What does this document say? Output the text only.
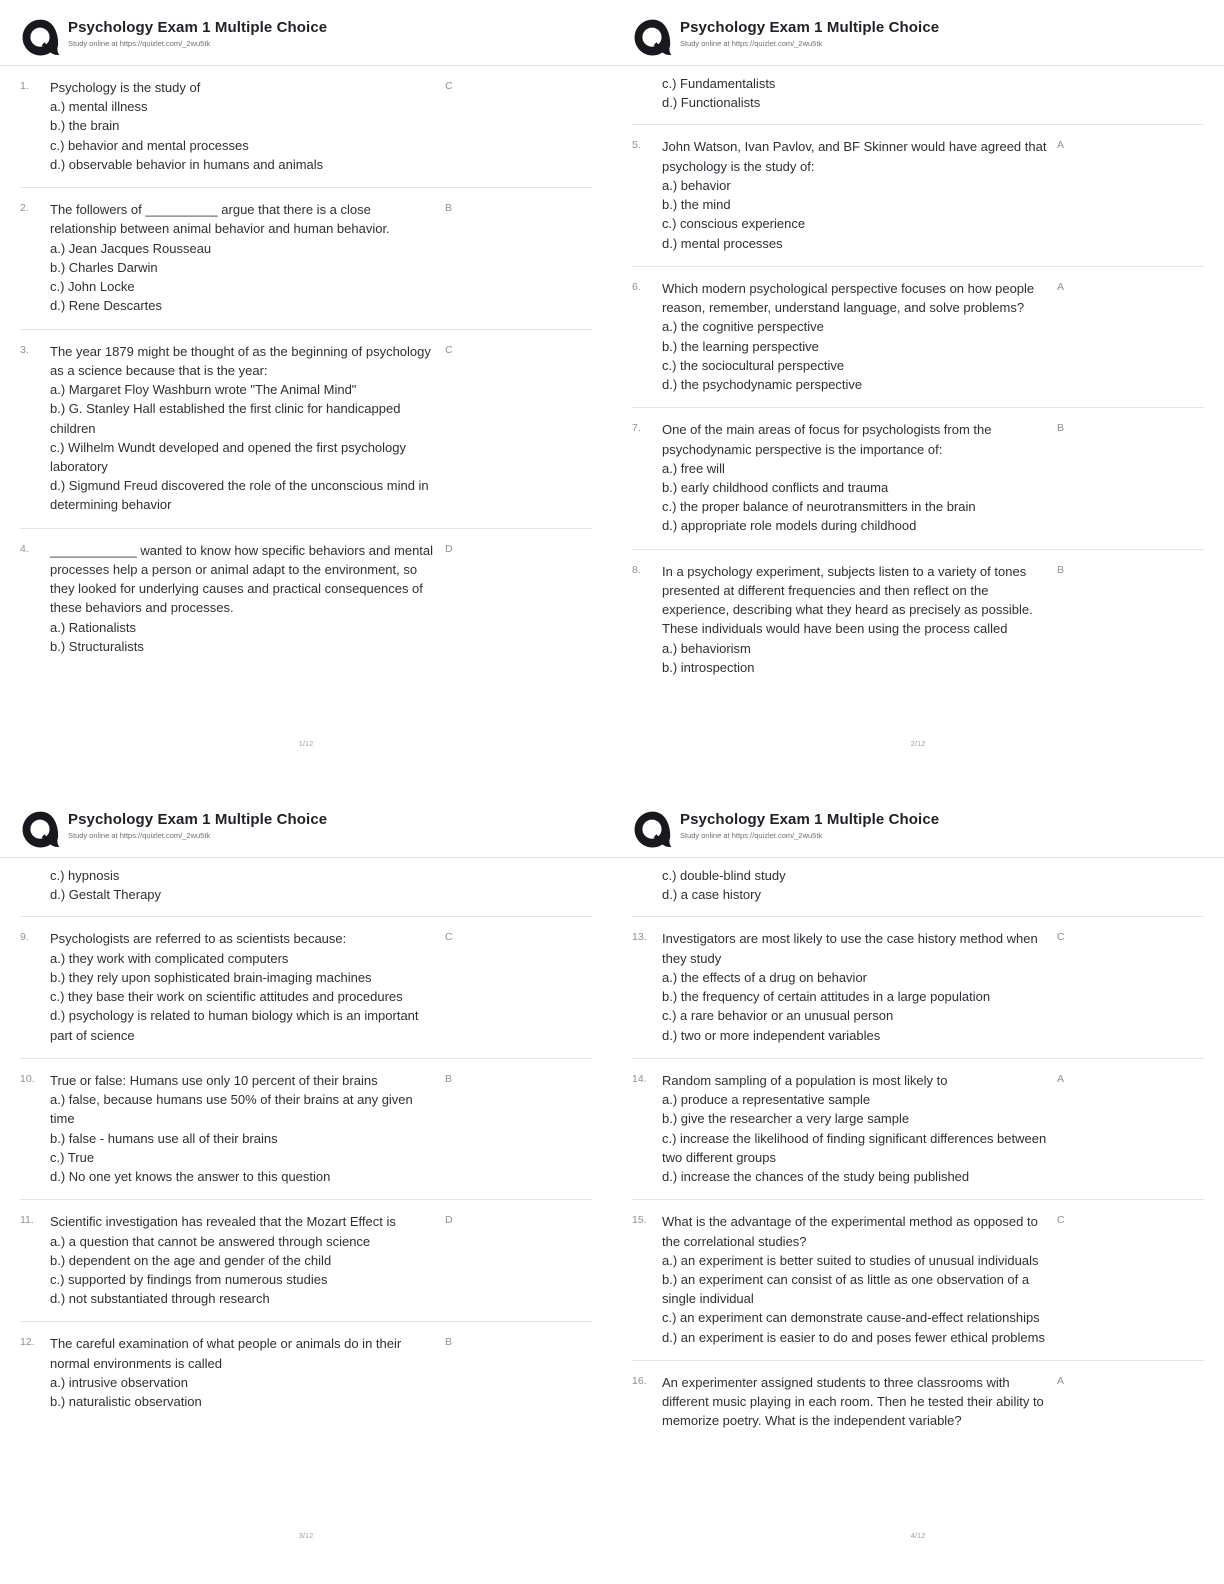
Psychology Exam 1 Multiple Choice
Study online at https://quizlet.com/_2wu5tk
1.	Psychology is the study of
a.) mental illness
b.) the brain
c.) behavior and mental processes
d.) observable behavior in humans and animals
C
2.	The followers of __________ argue that there is a close relationship between animal behavior and human behavior.
a.) Jean Jacques Rousseau
b.) Charles Darwin
c.) John Locke
d.) Rene Descartes
B
3.	The year 1879 might be thought of as the beginning of psychology as a science because that is the year:
a.) Margaret Floy Washburn wrote "The Animal Mind"
b.) G. Stanley Hall established the first clinic for handicapped children
c.) Wilhelm Wundt developed and opened the first psychology laboratory
d.) Sigmund Freud discovered the role of the unconscious mind in determining behavior
C
4.	____________ wanted to know how specific behaviors and mental processes help a person or animal adapt to the environment, so they looked for underlying causes and practical consequences of these behaviors and processes.
a.) Rationalists
b.) Structuralists
D
1/12
Psychology Exam 1 Multiple Choice
Study online at https://quizlet.com/_2wu5tk
c.) Fundamentalists
d.) Functionalists
5.	John Watson, Ivan Pavlov, and BF Skinner would have agreed that psychology is the study of:
a.) behavior
b.) the mind
c.) conscious experience
d.) mental processes
A
6.	Which modern psychological perspective focuses on how people reason, remember, understand language, and solve problems?
a.) the cognitive perspective
b.) the learning perspective
c.) the sociocultural perspective
d.) the psychodynamic perspective
A
7.	One of the main areas of focus for psychologists from the psychodynamic perspective is the importance of:
a.) free will
b.) early childhood conflicts and trauma
c.) the proper balance of neurotransmitters in the brain
d.) appropriate role models during childhood
B
8.	In a psychology experiment, subjects listen to a variety of tones presented at different frequencies and then reflect on the experience, describing what they heard as precisely as possible. These individuals would have been using the process called
a.) behaviorism
b.) introspection
B
2/12
Psychology Exam 1 Multiple Choice
Study online at https://quizlet.com/_2wu5tk
c.) hypnosis
d.) Gestalt Therapy
9.	Psychologists are referred to as scientists because:
a.) they work with complicated computers
b.) they rely upon sophisticated brain-imaging machines
c.) they base their work on scientific attitudes and procedures
d.) psychology is related to human biology which is an important part of science
C
10.	True or false: Humans use only 10 percent of their brains
a.) false, because humans use 50% of their brains at any given time
b.) false - humans use all of their brains
c.) True
d.) No one yet knows the answer to this question
B
11.	Scientific investigation has revealed that the Mozart Effect is
a.) a question that cannot be answered through science
b.) dependent on the age and gender of the child
c.) supported by findings from numerous studies
d.) not substantiated through research
D
12.	The careful examination of what people or animals do in their normal environments is called
a.) intrusive observation
b.) naturalistic observation
B
3/12
Psychology Exam 1 Multiple Choice
Study online at https://quizlet.com/_2wu5tk
c.) double-blind study
d.) a case history
13.	Investigators are most likely to use the case history method when they study
a.) the effects of a drug on behavior
b.) the frequency of certain attitudes in a large population
c.) a rare behavior or an unusual person
d.) two or more independent variables
C
14.	Random sampling of a population is most likely to
a.) produce a representative sample
b.) give the researcher a very large sample
c.) increase the likelihood of finding significant differences between two different groups
d.) increase the chances of the study being published
A
15.	What is the advantage of the experimental method as opposed to the correlational studies?
a.) an experiment is better suited to studies of unusual individuals
b.) an experiment can consist of as little as one observation of a single individual
c.) an experiment can demonstrate cause-and-effect relationships
d.) an experiment is easier to do and poses fewer ethical problems
C
16.	An experimenter assigned students to three classrooms with different music playing in each room. Then he tested their ability to memorize poetry. What is the independent variable?
A
4/12
